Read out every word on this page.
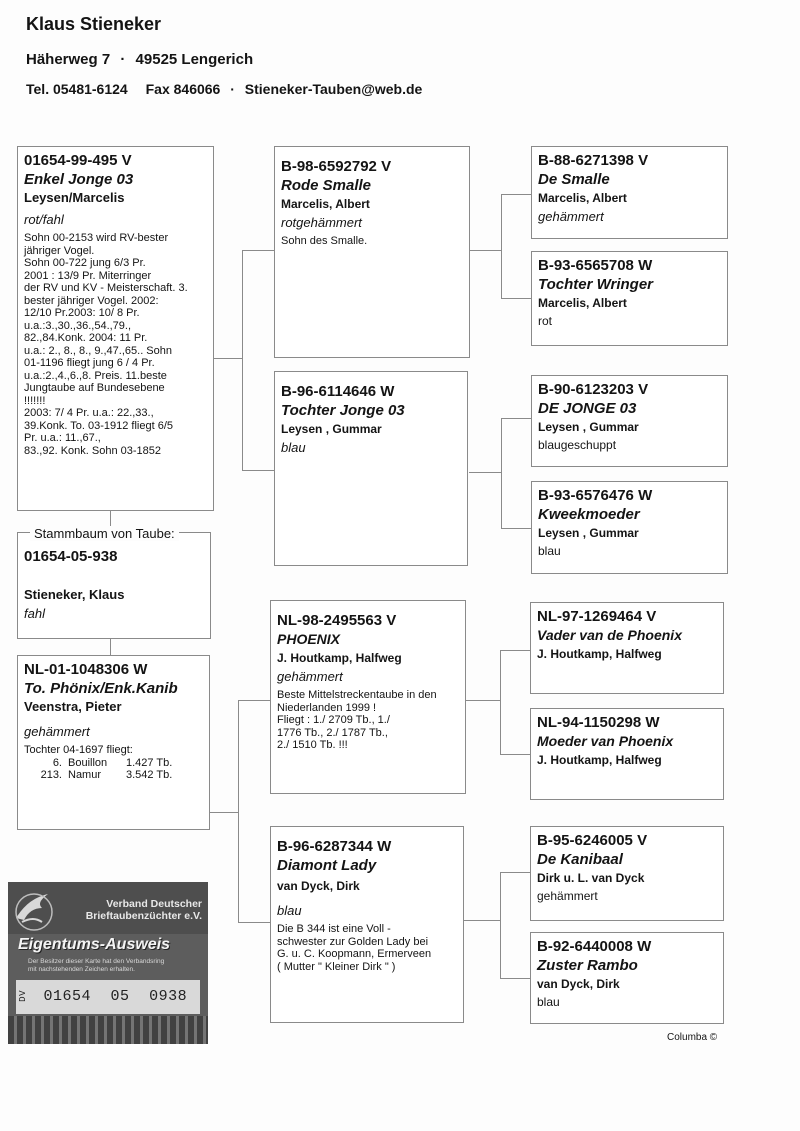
Klaus Stieneker
Häherweg 7 · 49525 Lengerich
Tel. 05481-6124 Fax 846066 · Stieneker-Tauben@web.de
01654-99-495 V
Enkel Jonge 03
Leysen/Marcelis
rot/fahl
Sohn 00-2153 wird RV-bester
jähriger Vogel.
Sohn 00-722 jung 6/3 Pr.
2001 : 13/9 Pr. Miterringer
der RV und KV - Meisterschaft. 3.
bester jähriger Vogel. 2002:
12/10 Pr.2003: 10/ 8 Pr.
u.a.:3.,30.,36.,54.,79.,
82.,84.Konk. 2004: 11 Pr.
u.a.: 2., 8., 8., 9.,47.,65.. Sohn
01-1196 fliegt jung 6 / 4 Pr.
u.a.:2.,4.,6.,8. Preis. 11.beste
Jungtaube auf Bundesebene
!!!!!!!
2003: 7/ 4 Pr. u.a.: 22.,33.,
39.Konk. To. 03-1912 fliegt 6/5
Pr. u.a.: 11.,67.,
83.,92. Konk. Sohn 03-1852
Stammbaum von Taube:
01654-05-938
Stieneker, Klaus
fahl
NL-01-1048306 W
To. Phönix/Enk.Kanib
Veenstra, Pieter
gehämmert
Tochter 04-1697 fliegt:
6. Bouillon	1.427 Tb.
213. Namur	3.542 Tb.
B-98-6592792 V
Rode Smalle
Marcelis, Albert
rotgehämmert
Sohn des Smalle.
B-96-6114646 W
Tochter Jonge 03
Leysen , Gummar
blau
NL-98-2495563 V
PHOENIX
J. Houtkamp, Halfweg
gehämmert
Beste Mittelstreckentaube in den
Niederlanden 1999 !
Fliegt : 1./ 2709 Tb., 1./
1776 Tb., 2./ 1787 Tb.,
2./ 1510 Tb. !!!
B-96-6287344 W
Diamont Lady
van Dyck, Dirk
blau
Die B 344 ist eine Voll -
schwester zur Golden Lady bei
G. u. C. Koopmann, Ermerveen
( Mutter " Kleiner Dirk " )
B-88-6271398 V
De Smalle
Marcelis, Albert
gehämmert
B-93-6565708 W
Tochter Wringer
Marcelis, Albert
rot
B-90-6123203 V
DE JONGE 03
Leysen , Gummar
blaugeschuppt
B-93-6576476 W
Kweekmoeder
Leysen , Gummar
blau
NL-97-1269464 V
Vader van de Phoenix
J. Houtkamp, Halfweg
NL-94-1150298 W
Moeder van Phoenix
J. Houtkamp, Halfweg
B-95-6246005 V
De Kanibaal
Dirk u. L. van Dyck
gehämmert
B-92-6440008 W
Zuster Rambo
van Dyck, Dirk
blau
Verband Deutscher
Brieftaubenzüchter e.V.
Eigentums-Ausweis
Der Besitzer dieser Karte hat den Verbandsring
mit nachstehenden Zeichen erhalten.
DV 01654 05 0938
Columba ©
